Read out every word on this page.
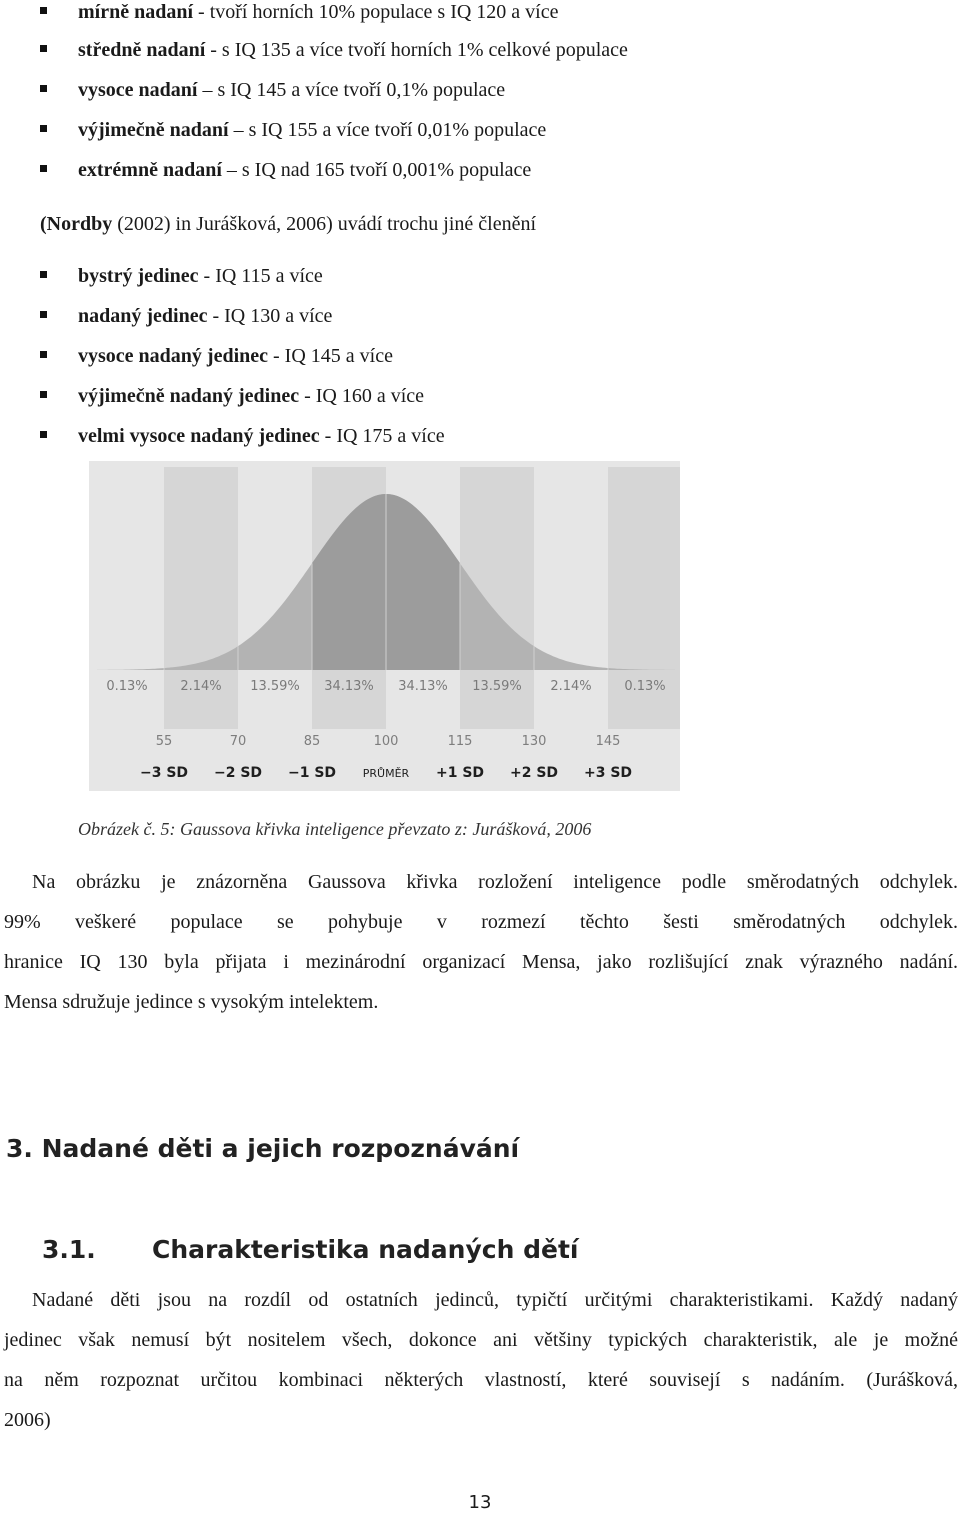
mírně nadaní - tvoří horních 10% populace s IQ 120 a více
středně nadaní - s IQ 135 a více tvoří horních 1% celkové populace
vysoce nadaní – s IQ 145 a více tvoří 0,1% populace
výjimečně nadaní – s IQ 155 a více tvoří 0,01% populace
extrémně nadaní – s IQ nad 165 tvoří 0,001% populace
(Nordby (2002) in Jurášková, 2006) uvádí trochu jiné členění
bystrý jedinec - IQ 115 a více
nadaný jedinec - IQ 130 a více
vysoce nadaný jedinec - IQ 145 a více
výjimečně nadaný jedinec - IQ 160 a více
velmi vysoce nadaný jedinec - IQ 175 a více
0.13%	2.14% 13.59% 34.13% 34.13% 13.59% 2.14%	0.13%
55	70	85	100	115	130	145
−3 SD −2 SD −1 SD PRŮMĚR +1 SD +2 SD +3 SD
Obrázek č. 5: Gaussova křivka inteligence převzato z: Jurášková, 2006

Na obrázku je znázorněna Gaussova křivka rozložení inteligence podle směrodatných odchylek.

99% veškeré populace se pohybuje v rozmezí těchto šesti směrodatných odchylek.

hranice IQ 130 byla přijata i mezinárodní organizací Mensa, jako rozlišující znak výrazného nadání.

Mensa sdružuje jedince s vysokým intelektem.

3. Nadané děti a jejich rozpoznávání
3.1. Charakteristika nadaných dětí

Nadané děti jsou na rozdíl od ostatních jedinců, typičtí určitými charakteristikami. Každý nadaný

jedinec však nemusí být nositelem všech, dokonce ani většiny typických charakteristik, ale je možné

na něm rozpoznat určitou kombinaci některých vlastností, které souvisejí s nadáním. (Jurášková,

2006)

13
